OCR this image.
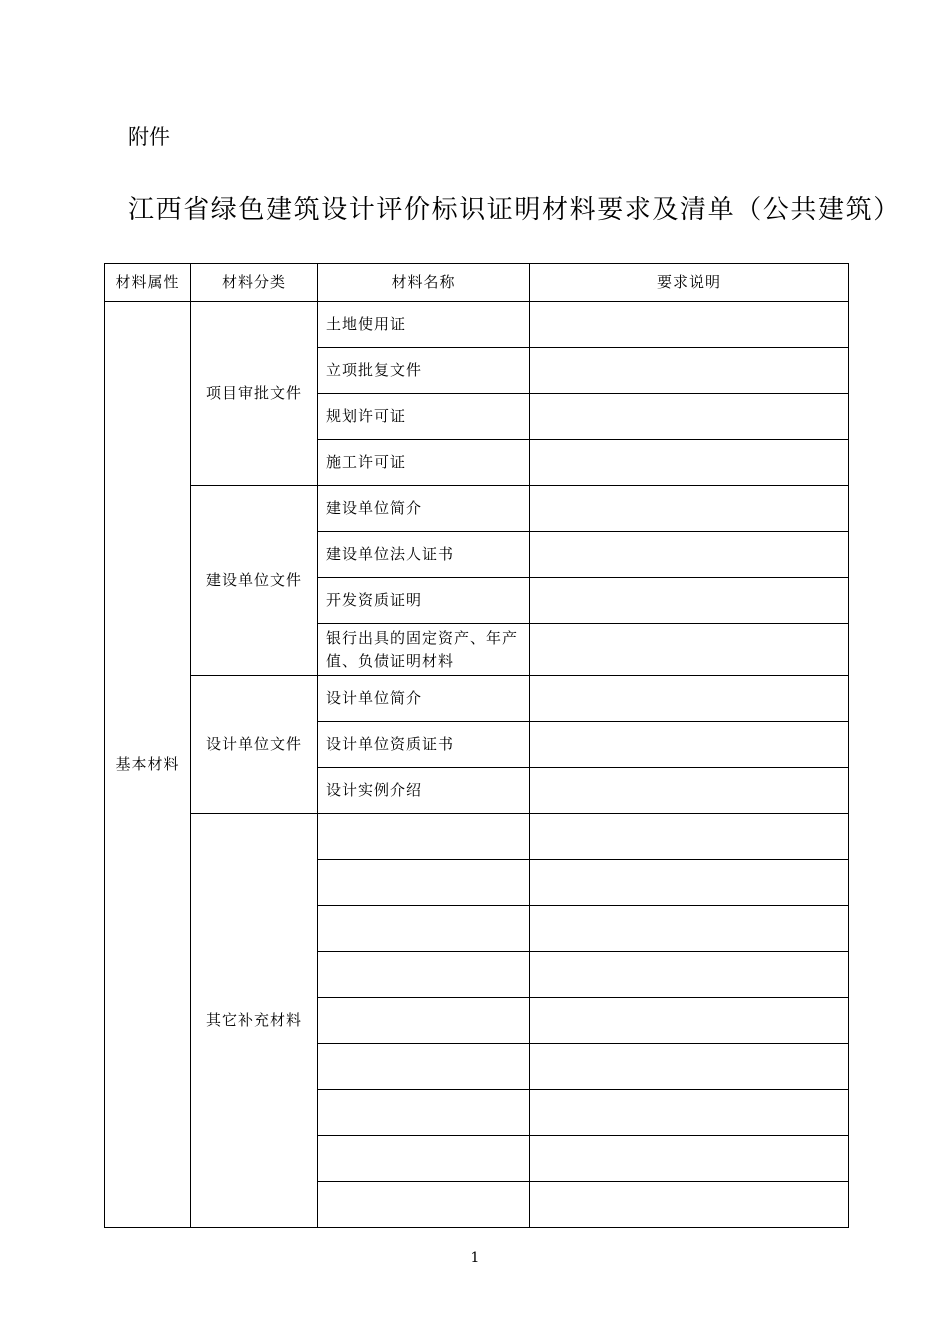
附件
江西省绿色建筑设计评价标识证明材料要求及清单（公共建筑）
材料属性	材料分类	材料名称	要求说明
基本材料	项目审批文件	土地使用证	
		立项批复文件	
		规划许可证	
		施工许可证	
	建设单位文件	建设单位简介	
		建设单位法人证书	
		开发资质证明	
		银行出具的固定资产、年产值、负债证明材料	
	设计单位文件	设计单位简介	
		设计单位资质证书	
		设计实例介绍	
	其它补充材料		

1
